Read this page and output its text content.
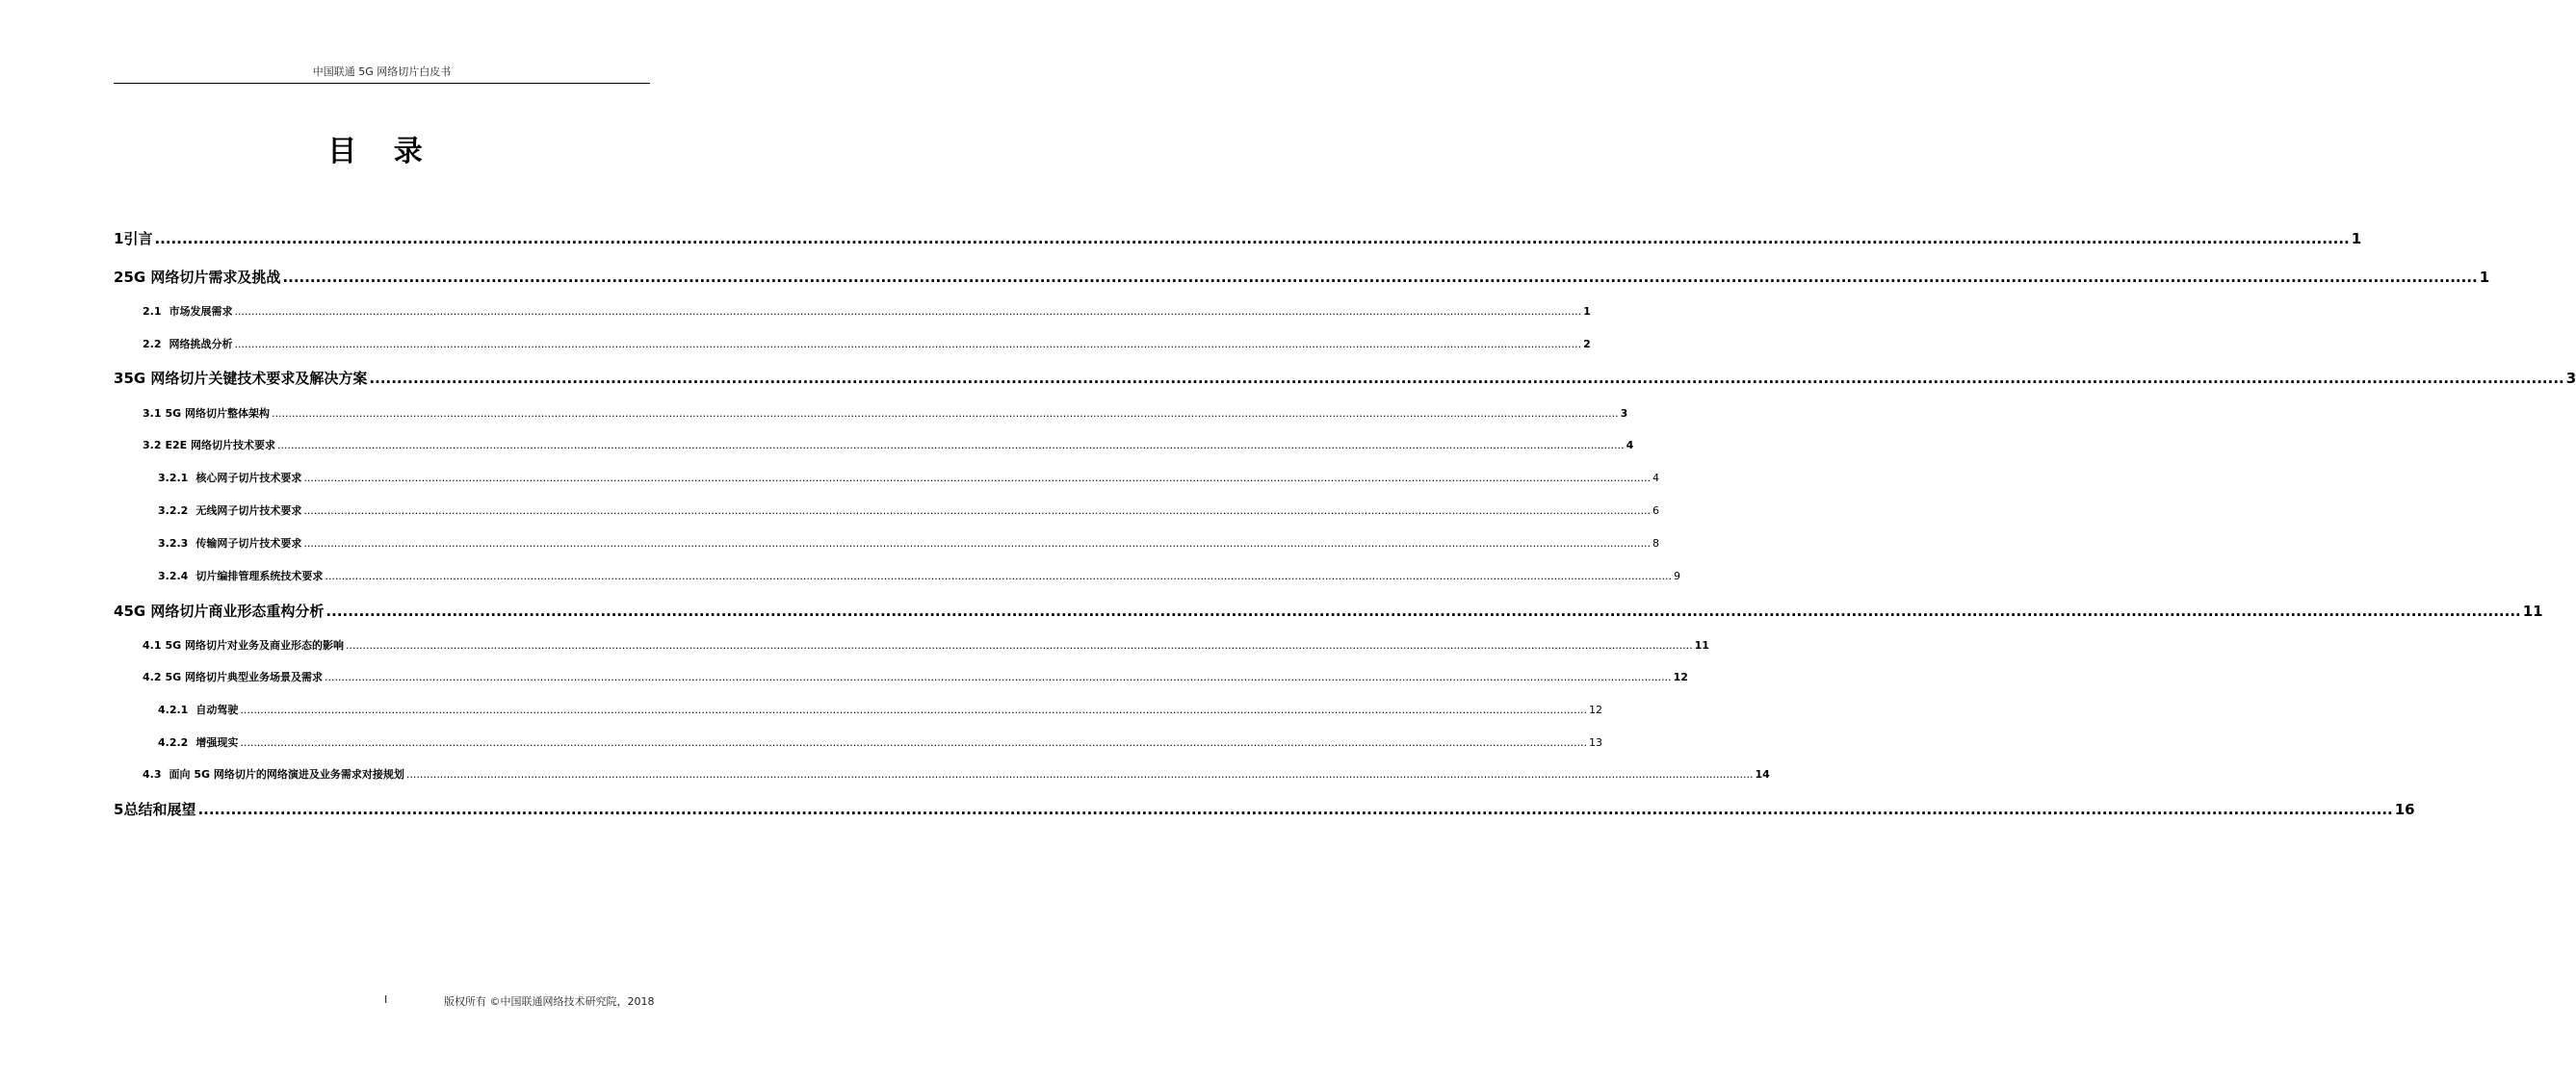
中国联通 5G 网络切片白皮书
目 录
1 引言 ................................................................................................................................................................................................................................................................................................................................................................................................................ 1
2 5G 网络切片需求及挑战 ................................................................................................................................................................................................................................................................................................................................................................................................................ 1
2.1 市场发展需求 ................................................................................................................................................................................................................................................................................................................................................................................................................ 1
2.2 网络挑战分析 ................................................................................................................................................................................................................................................................................................................................................................................................................ 2
3 5G 网络切片关键技术要求及解决方案 ................................................................................................................................................................................................................................................................................................................................................................................................................ 3
3.1 5G 网络切片整体架构 ................................................................................................................................................................................................................................................................................................................................................................................................................ 3
3.2 E2E 网络切片技术要求 ................................................................................................................................................................................................................................................................................................................................................................................................................ 4
3.2.1 核心网子切片技术要求 ................................................................................................................................................................................................................................................................................................................................................................................................................ 4
3.2.2 无线网子切片技术要求 ................................................................................................................................................................................................................................................................................................................................................................................................................ 6
3.2.3 传输网子切片技术要求 ................................................................................................................................................................................................................................................................................................................................................................................................................ 8
3.2.4 切片编排管理系统技术要求 ................................................................................................................................................................................................................................................................................................................................................................................................................ 9
4 5G 网络切片商业形态重构分析 ................................................................................................................................................................................................................................................................................................................................................................................................................ 11
4.1 5G 网络切片对业务及商业形态的影响 ................................................................................................................................................................................................................................................................................................................................................................................................................ 11
4.2 5G 网络切片典型业务场景及需求 ................................................................................................................................................................................................................................................................................................................................................................................................................ 12
4.2.1 自动驾驶 ................................................................................................................................................................................................................................................................................................................................................................................................................ 12
4.2.2 增强现实 ................................................................................................................................................................................................................................................................................................................................................................................................................ 13
4.3 面向 5G 网络切片的网络演进及业务需求对接规划 ................................................................................................................................................................................................................................................................................................................................................................................................................ 14
5 总结和展望 ................................................................................................................................................................................................................................................................................................................................................................................................................ 16
I	版权所有 ©中国联通网络技术研究院，2018
